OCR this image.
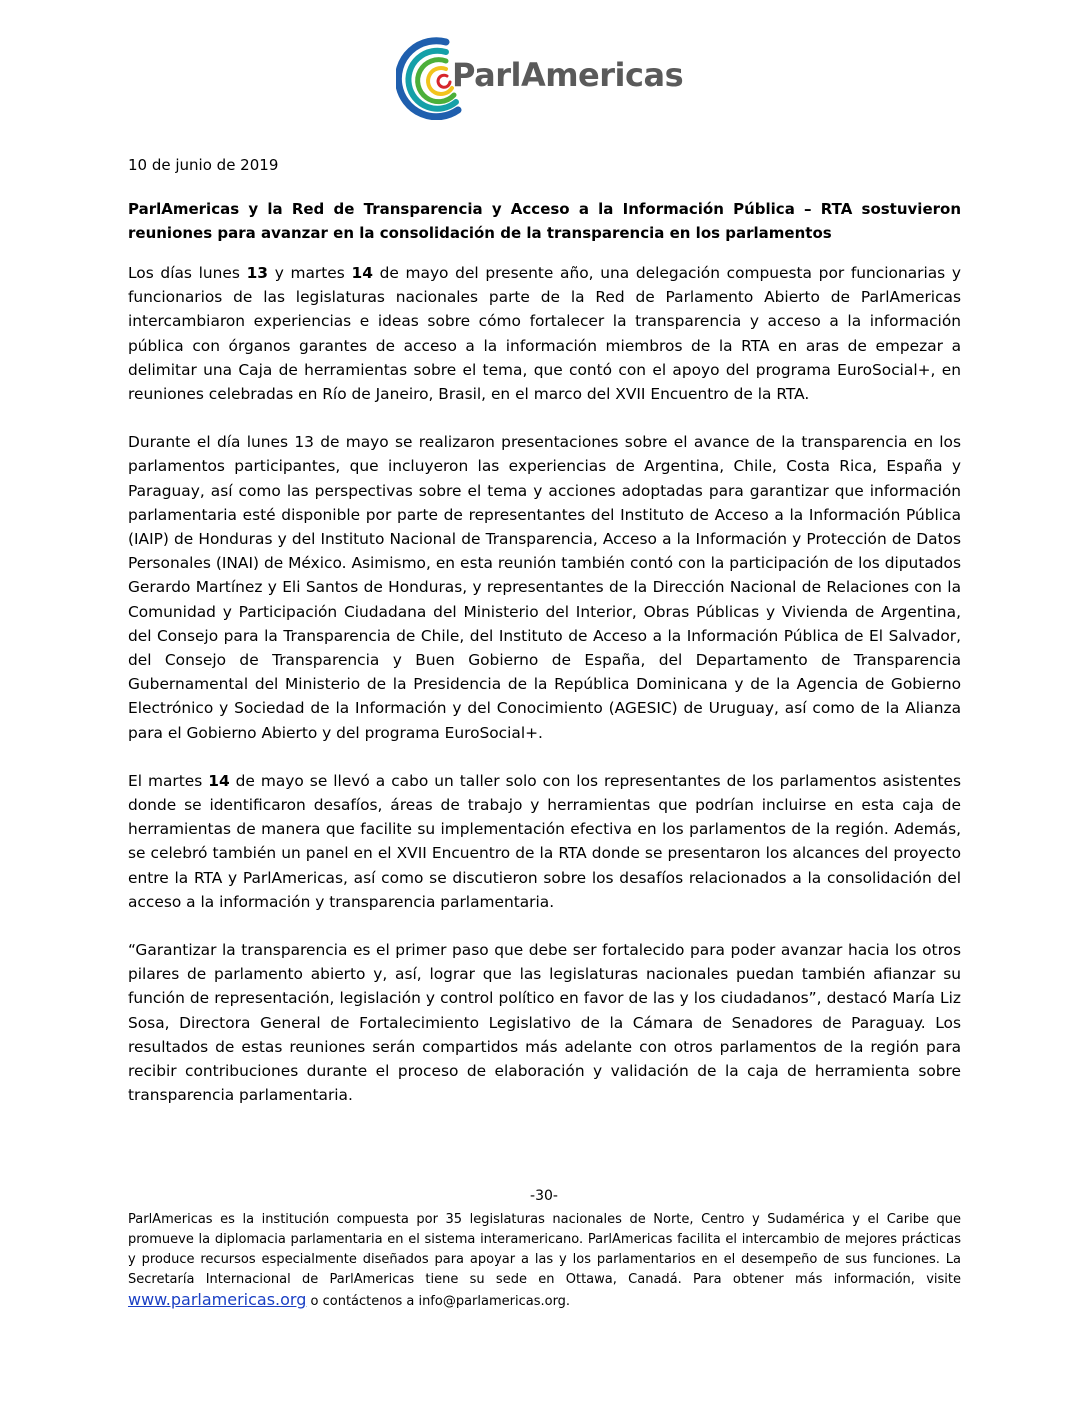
ParlAmericas

10 de junio de 2019

ParlAmericas y la Red de Transparencia y Acceso a la Información Pública – RTA sostuvieron reuniones para avanzar en la consolidación de la transparencia en los parlamentos

Los días lunes 13 y martes 14 de mayo del presente año, una delegación compuesta por funcionarias y funcionarios de las legislaturas nacionales parte de la Red de Parlamento Abierto de ParlAmericas intercambiaron experiencias e ideas sobre cómo fortalecer la transparencia y acceso a la información pública con órganos garantes de acceso a la información miembros de la RTA en aras de empezar a delimitar una Caja de herramientas sobre el tema, que contó con el apoyo del programa EuroSocial+, en reuniones celebradas en Río de Janeiro, Brasil, en el marco del XVII Encuentro de la RTA.

Durante el día lunes 13 de mayo se realizaron presentaciones sobre el avance de la transparencia en los parlamentos participantes, que incluyeron las experiencias de Argentina, Chile, Costa Rica, España y Paraguay, así como las perspectivas sobre el tema y acciones adoptadas para garantizar que información parlamentaria esté disponible por parte de representantes del Instituto de Acceso a la Información Pública (IAIP) de Honduras y del Instituto Nacional de Transparencia, Acceso a la Información y Protección de Datos Personales (INAI) de México. Asimismo, en esta reunión también contó con la participación de los diputados Gerardo Martínez y Eli Santos de Honduras, y representantes de la Dirección Nacional de Relaciones con la Comunidad y Participación Ciudadana del Ministerio del Interior, Obras Públicas y Vivienda de Argentina, del Consejo para la Transparencia de Chile, del Instituto de Acceso a la Información Pública de El Salvador, del Consejo de Transparencia y Buen Gobierno de España, del Departamento de Transparencia Gubernamental del Ministerio de la Presidencia de la República Dominicana y de la Agencia de Gobierno Electrónico y Sociedad de la Información y del Conocimiento (AGESIC) de Uruguay, así como de la Alianza para el Gobierno Abierto y del programa EuroSocial+.

El martes 14 de mayo se llevó a cabo un taller solo con los representantes de los parlamentos asistentes donde se identificaron desafíos, áreas de trabajo y herramientas que podrían incluirse en esta caja de herramientas de manera que facilite su implementación efectiva en los parlamentos de la región. Además, se celebró también un panel en el XVII Encuentro de la RTA donde se presentaron los alcances del proyecto entre la RTA y ParlAmericas, así como se discutieron sobre los desafíos relacionados a la consolidación del acceso a la información y transparencia parlamentaria.

“Garantizar la transparencia es el primer paso que debe ser fortalecido para poder avanzar hacia los otros pilares de parlamento abierto y, así, lograr que las legislaturas nacionales puedan también afianzar su función de representación, legislación y control político en favor de las y los ciudadanos”, destacó María Liz Sosa, Directora General de Fortalecimiento Legislativo de la Cámara de Senadores de Paraguay. Los resultados de estas reuniones serán compartidos más adelante con otros parlamentos de la región para recibir contribuciones durante el proceso de elaboración y validación de la caja de herramienta sobre transparencia parlamentaria.

-30-
ParlAmericas es la institución compuesta por 35 legislaturas nacionales de Norte, Centro y Sudamérica y el Caribe que promueve la diplomacia parlamentaria en el sistema interamericano. ParlAmericas facilita el intercambio de mejores prácticas y produce recursos especialmente diseñados para apoyar a las y los parlamentarios en el desempeño de sus funciones. La Secretaría Internacional de ParlAmericas tiene su sede en Ottawa, Canadá. Para obtener más información, visite www.parlamericas.org o contáctenos a info@parlamericas.org.
